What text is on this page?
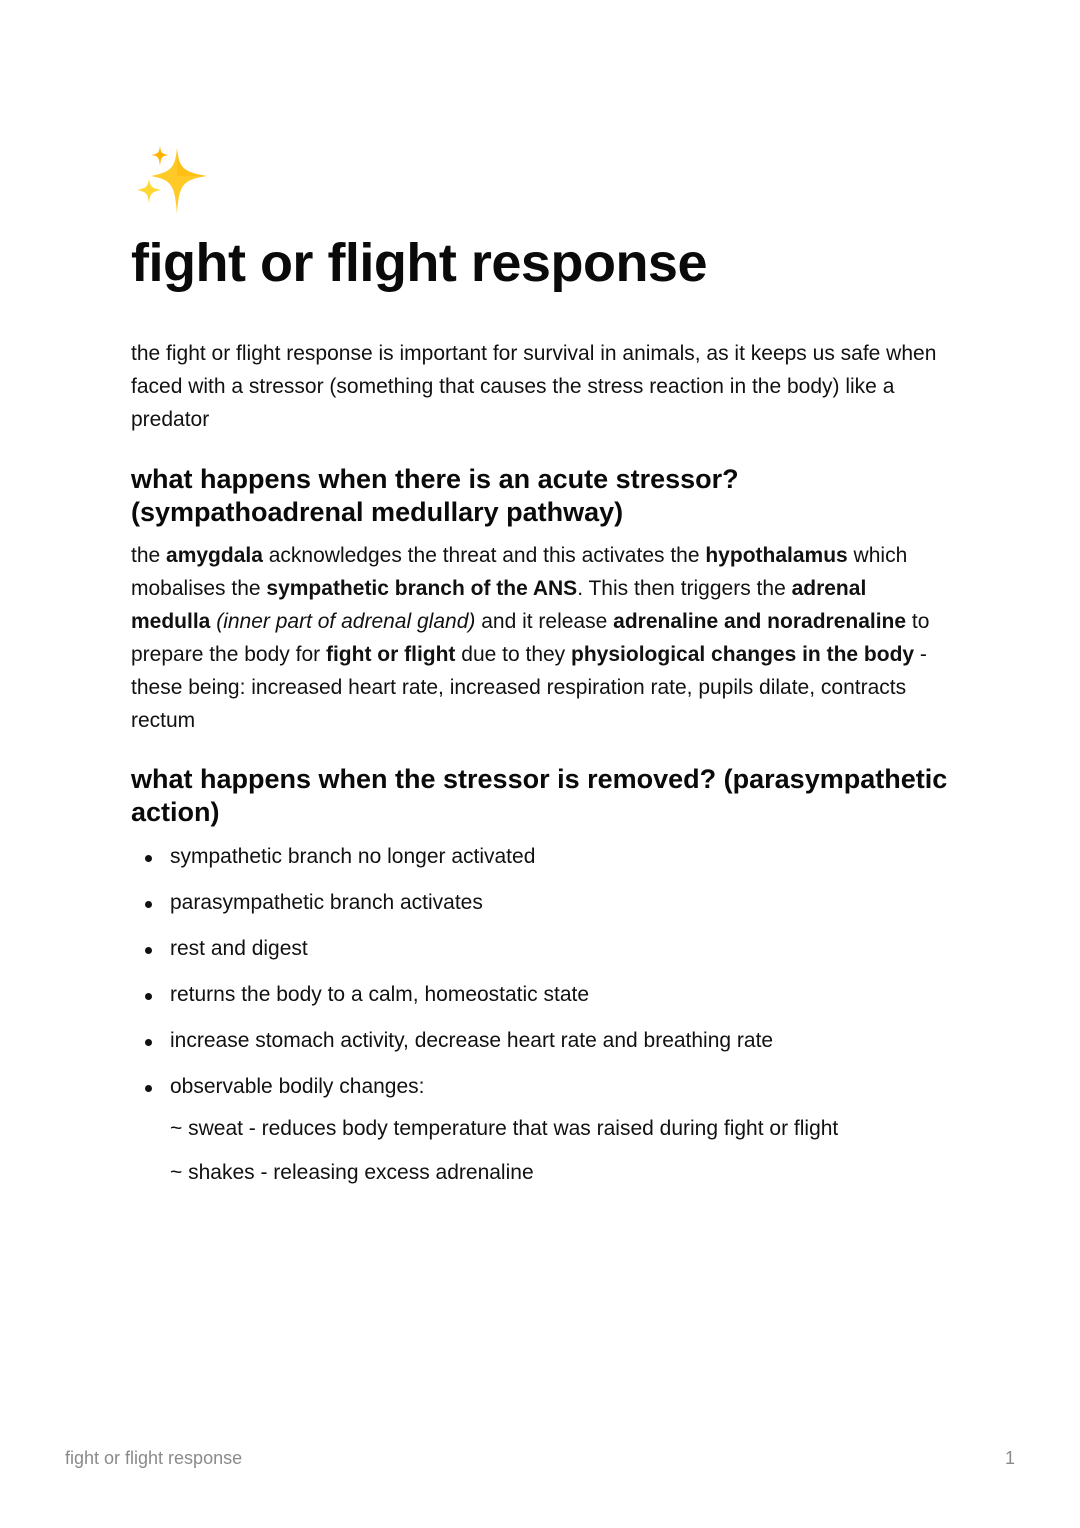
fight or flight response

the fight or flight response is important for survival in animals, as it keeps us safe when faced with a stressor (something that causes the stress reaction in the body) like a predator

what happens when there is an acute stressor?
(sympathoadrenal medullary pathway)

the amygdala acknowledges the threat and this activates the hypothalamus which mobalises the sympathetic branch of the ANS. This then triggers the adrenal medulla (inner part of adrenal gland) and it release adrenaline and noradrenaline to prepare the body for fight or flight due to they physiological changes in the body - these being: increased heart rate, increased respiration rate, pupils dilate, contracts rectum

what happens when the stressor is removed? (parasympathetic action)
sympathetic branch no longer activated
parasympathetic branch activates
rest and digest
returns the body to a calm, homeostatic state
increase stomach activity, decrease heart rate and breathing rate
observable bodily changes:

~ sweat - reduces body temperature that was raised during fight or flight

~ shakes - releasing excess adrenaline

fight or flight response	1
